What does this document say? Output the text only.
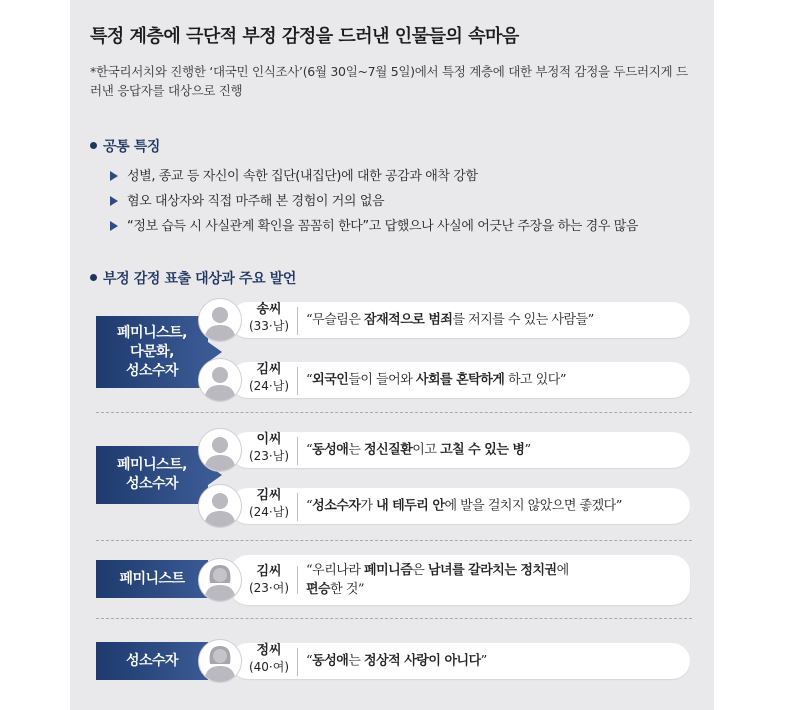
특정 계층에 극단적 부정 감정을 드러낸 인물들의 속마음
*한국리서치와 진행한 ‘대국민 인식조사’(6월 30일~7월 5일)에서 특정 계층에 대한 부정적 감정을 두드러지게 드러낸 응답자를 대상으로 진행
공통 특징
성별, 종교 등 자신이 속한 집단(내집단)에 대한 공감과 애착 강함
혐오 대상자와 직접 마주해 본 경험이 거의 없음
“정보 습득 시 사실관계 확인을 꼼꼼히 한다”고 답했으나 사실에 어긋난 주장을 하는 경우 많음
부정 감정 표출 대상과 주요 발언
페미니스트,
다문화,
성소수자
“무슬림은 잠재적으로 범죄를 저지를 수 있는 사람들”
송씨
(33·남)
“외국인들이 들어와 사회를 혼탁하게 하고 있다”
김씨
(24·남)
페미니스트,
성소수자
“동성애는 정신질환이고 고칠 수 있는 병”
이씨
(23·남)
“성소수자가 내 테두리 안에 발을 걸치지 않았으면 좋겠다”
김씨
(24·남)
페미니스트	“우리나라 페미니즘은 남녀를 갈라치는 정치권에
편승한 것”
김씨
(23·여)
성소수자	“동성애는 정상적 사랑이 아니다”
정씨
(40·여)
